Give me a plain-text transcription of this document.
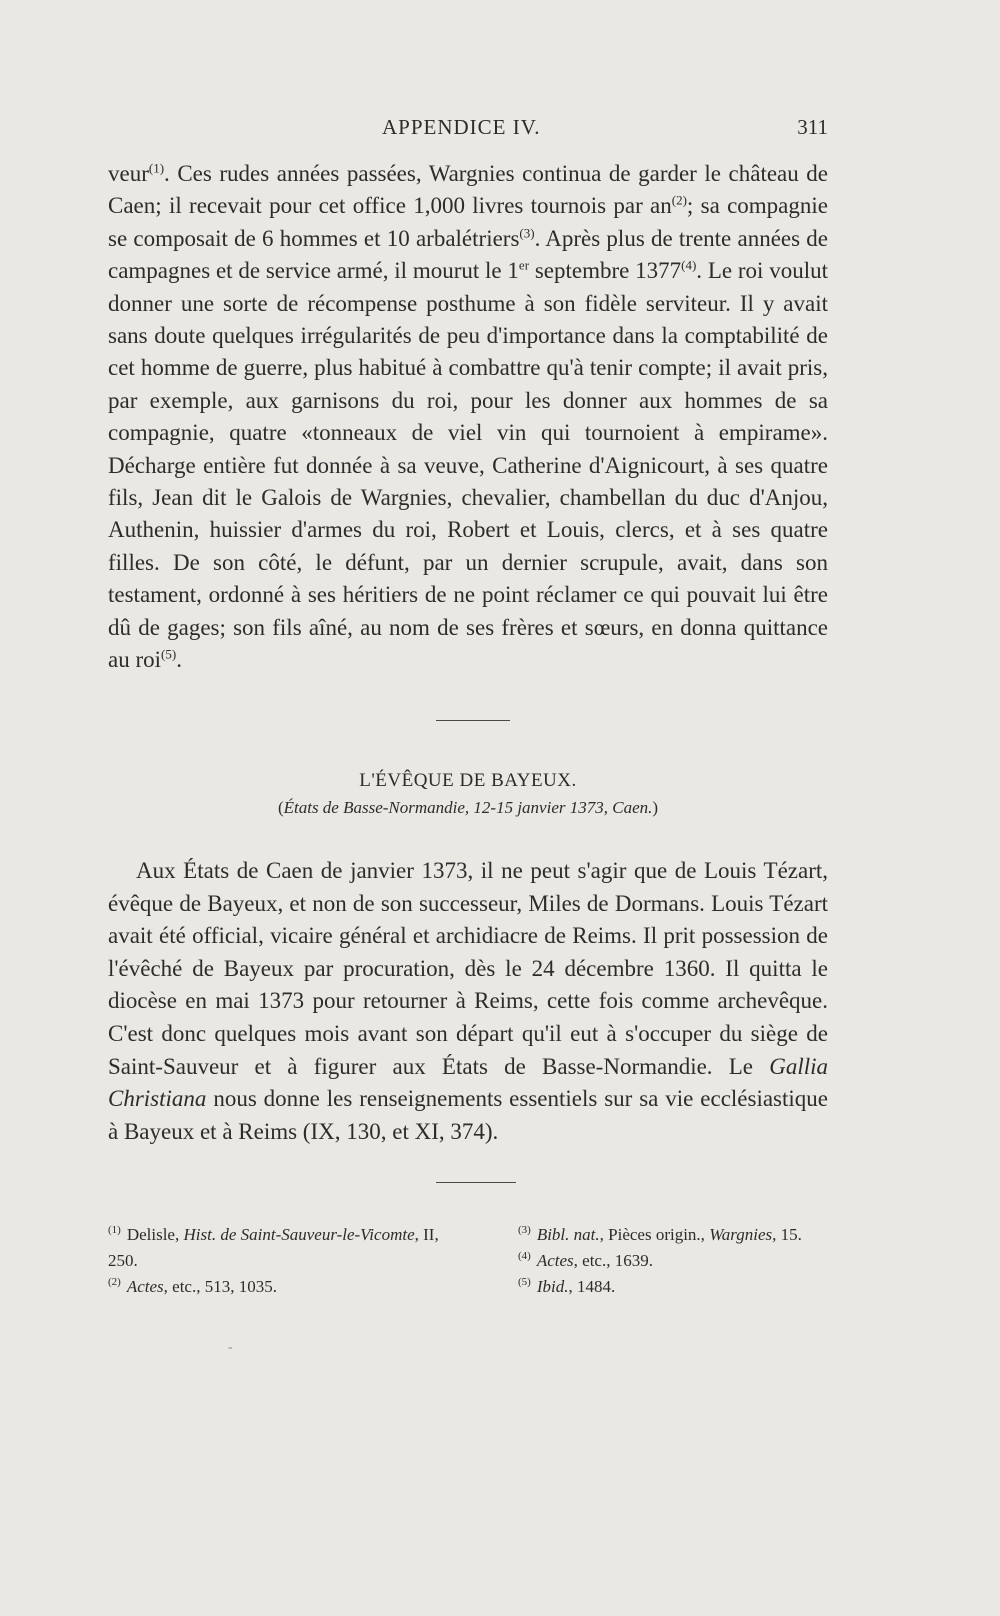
APPENDICE IV.	311

veur$^{(1)}$. Ces rudes années passées, Wargnies continua de garder le château de Caen; il recevait pour cet office 1,000 livres tournois par $an^{(2)}$; sa compagnie se composait de 6 hommes et 10 arbalétriers$^{(3)}$. Après plus de trente années de campagnes et de service armé, il mourut le 1er septembre 1377$^{(4)}$. Le roi voulut donner une sorte de récompense posthume à son fidèle serviteur. Il y avait sans doute quelques irrégularités de peu d'importance dans la comptabilité de cet homme de guerre, plus habitué à combattre qu'à tenir compte; il avait pris, par exemple, aux garnisons du roi, pour les donner aux hommes de sa compagnie, quatre «tonneaux de viel vin qui tournoient à empirame». Décharge entière fut donnée à sa veuve, Catherine d'Aignicourt, à ses quatre fils, Jean dit le Galois de Wargnies, chevalier, chambellan du duc d'Anjou, Authenin, huissier d'armes du roi, Robert et Louis, clercs, et à ses quatre filles. De son côté, le défunt, par un dernier scrupule, avait, dans son testament, ordonné à ses héritiers de ne point réclamer ce qui pouvait lui être dû de gages; son fils aîné, au nom de ses frères et sœurs, en donna quittance au roi$^{(5)}$.

L'ÉVÊQUE DE BAYEUX.
(États de Basse-Normandie, 12-15 janvier 1373, Caen.)

Aux États de Caen de janvier 1373, il ne peut s'agir que de Louis Tézart, évêque de Bayeux, et non de son successeur, Miles de Dormans. Louis Tézart avait été official, vicaire général et archidiacre de Reims. Il prit possession de l'évêché de Bayeux par procuration, dès le 24 décembre 1360. Il quitta le diocèse en mai 1373 pour retourner à Reims, cette fois comme archevêque. C'est donc quelques mois avant son départ qu'il eut à s'occuper du siège de Saint-Sauveur et à figurer aux États de Basse-Normandie. Le Gallia Christiana nous donne les renseignements essentiels sur sa vie ecclésiastique à Bayeux et à Reims (IX, 130, et XI, 374).

$^{(1)}$ Delisle, Hist. de Saint-Sauveur-le-Vicomte, II, 250.
$^{(2)}$ Actes, etc., 513, 1035.
$^{(3)}$ Bibl. nat., Pièces origin., Wargnies, 15.
$^{(4)}$ Actes, etc., 1639.
$^{(5)}$ Ibid., 1484.
-
